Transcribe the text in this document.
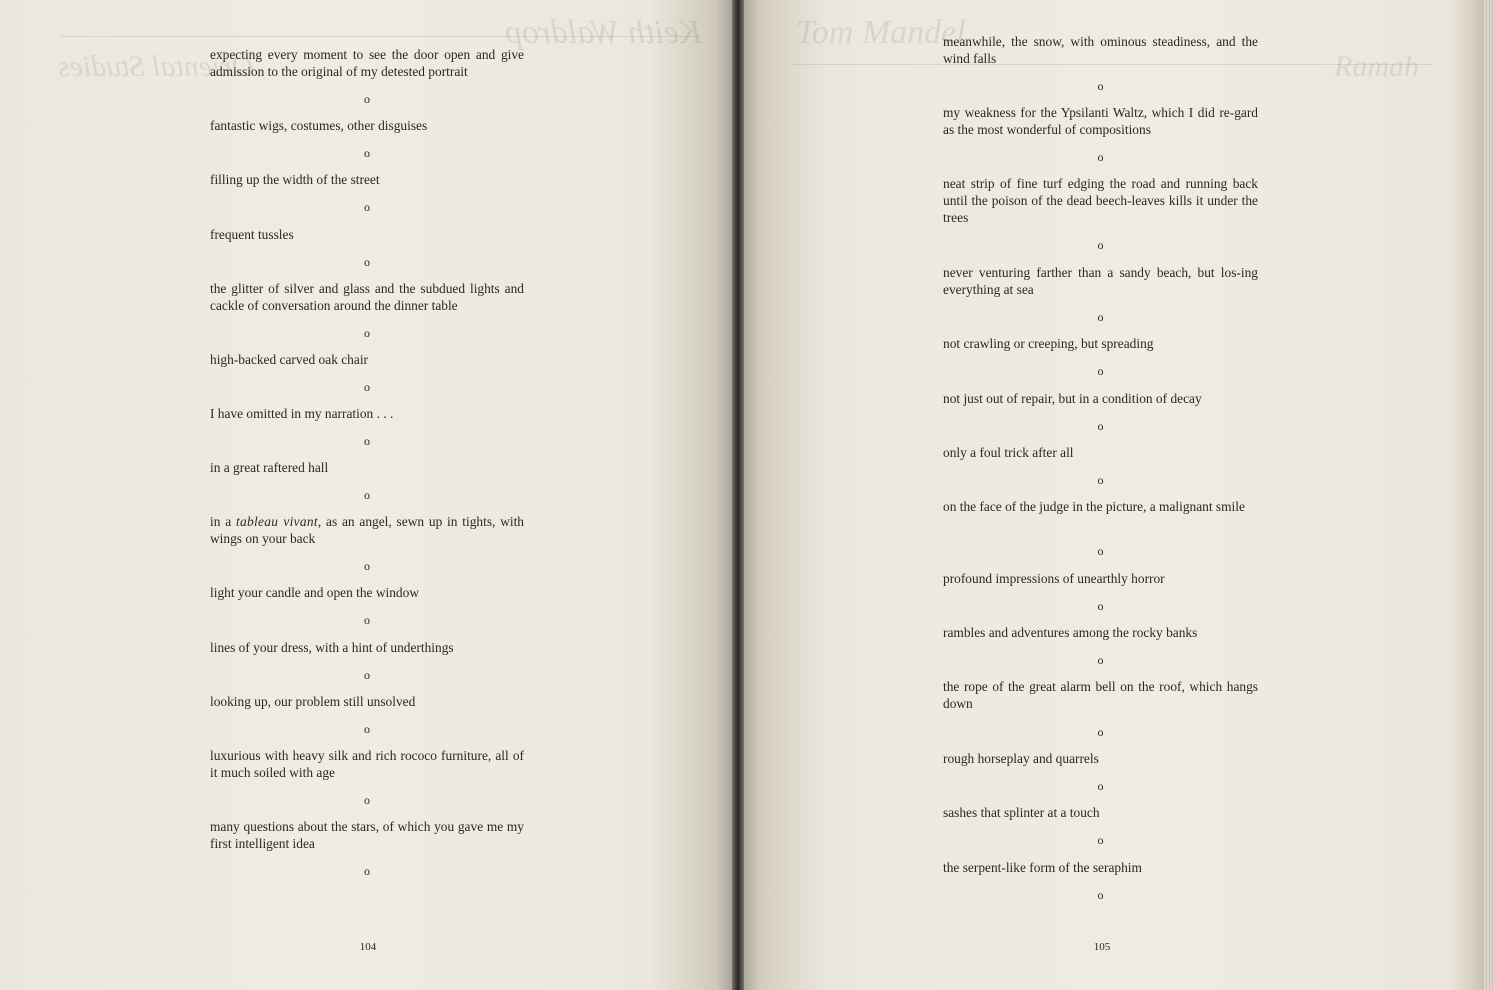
Keith Waldrop
Oriental Studies

expecting every moment to see the door open and give admission to the original of my detested portrait

o

fantastic wigs, costumes, other disguises

o

filling up the width of the street

o

frequent tussles

o

the glitter of silver and glass and the subdued lights and cackle of conversation around the dinner table

o

high-backed carved oak chair

o

I have omitted in my narration . . .

o

in a great raftered hall

o

in a tableau vivant, as an angel, sewn up in tights, with wings on your back

o

light your candle and open the window

o

lines of your dress, with a hint of underthings

o

looking up, our problem still unsolved

o

luxurious with heavy silk and rich rococo furniture, all of it much soiled with age

o

many questions about the stars, of which you gave me my first intelligent idea

o
104
Tom Mandel
Ramah

meanwhile, the snow, with ominous steadiness, and the wind falls

o

my weakness for the Ypsilanti Waltz, which I did re-gard as the most wonderful of compositions

o

neat strip of fine turf edging the road and running back until the poison of the dead beech-leaves kills it under the trees

o

never venturing farther than a sandy beach, but los-ing everything at sea

o

not crawling or creeping, but spreading

o

not just out of repair, but in a condition of decay

o

only a foul trick after all

o

on the face of the judge in the picture, a malignant smile

o

profound impressions of unearthly horror

o

rambles and adventures among the rocky banks

o

the rope of the great alarm bell on the roof, which hangs down

o

rough horseplay and quarrels

o

sashes that splinter at a touch

o

the serpent-like form of the seraphim

o
105
